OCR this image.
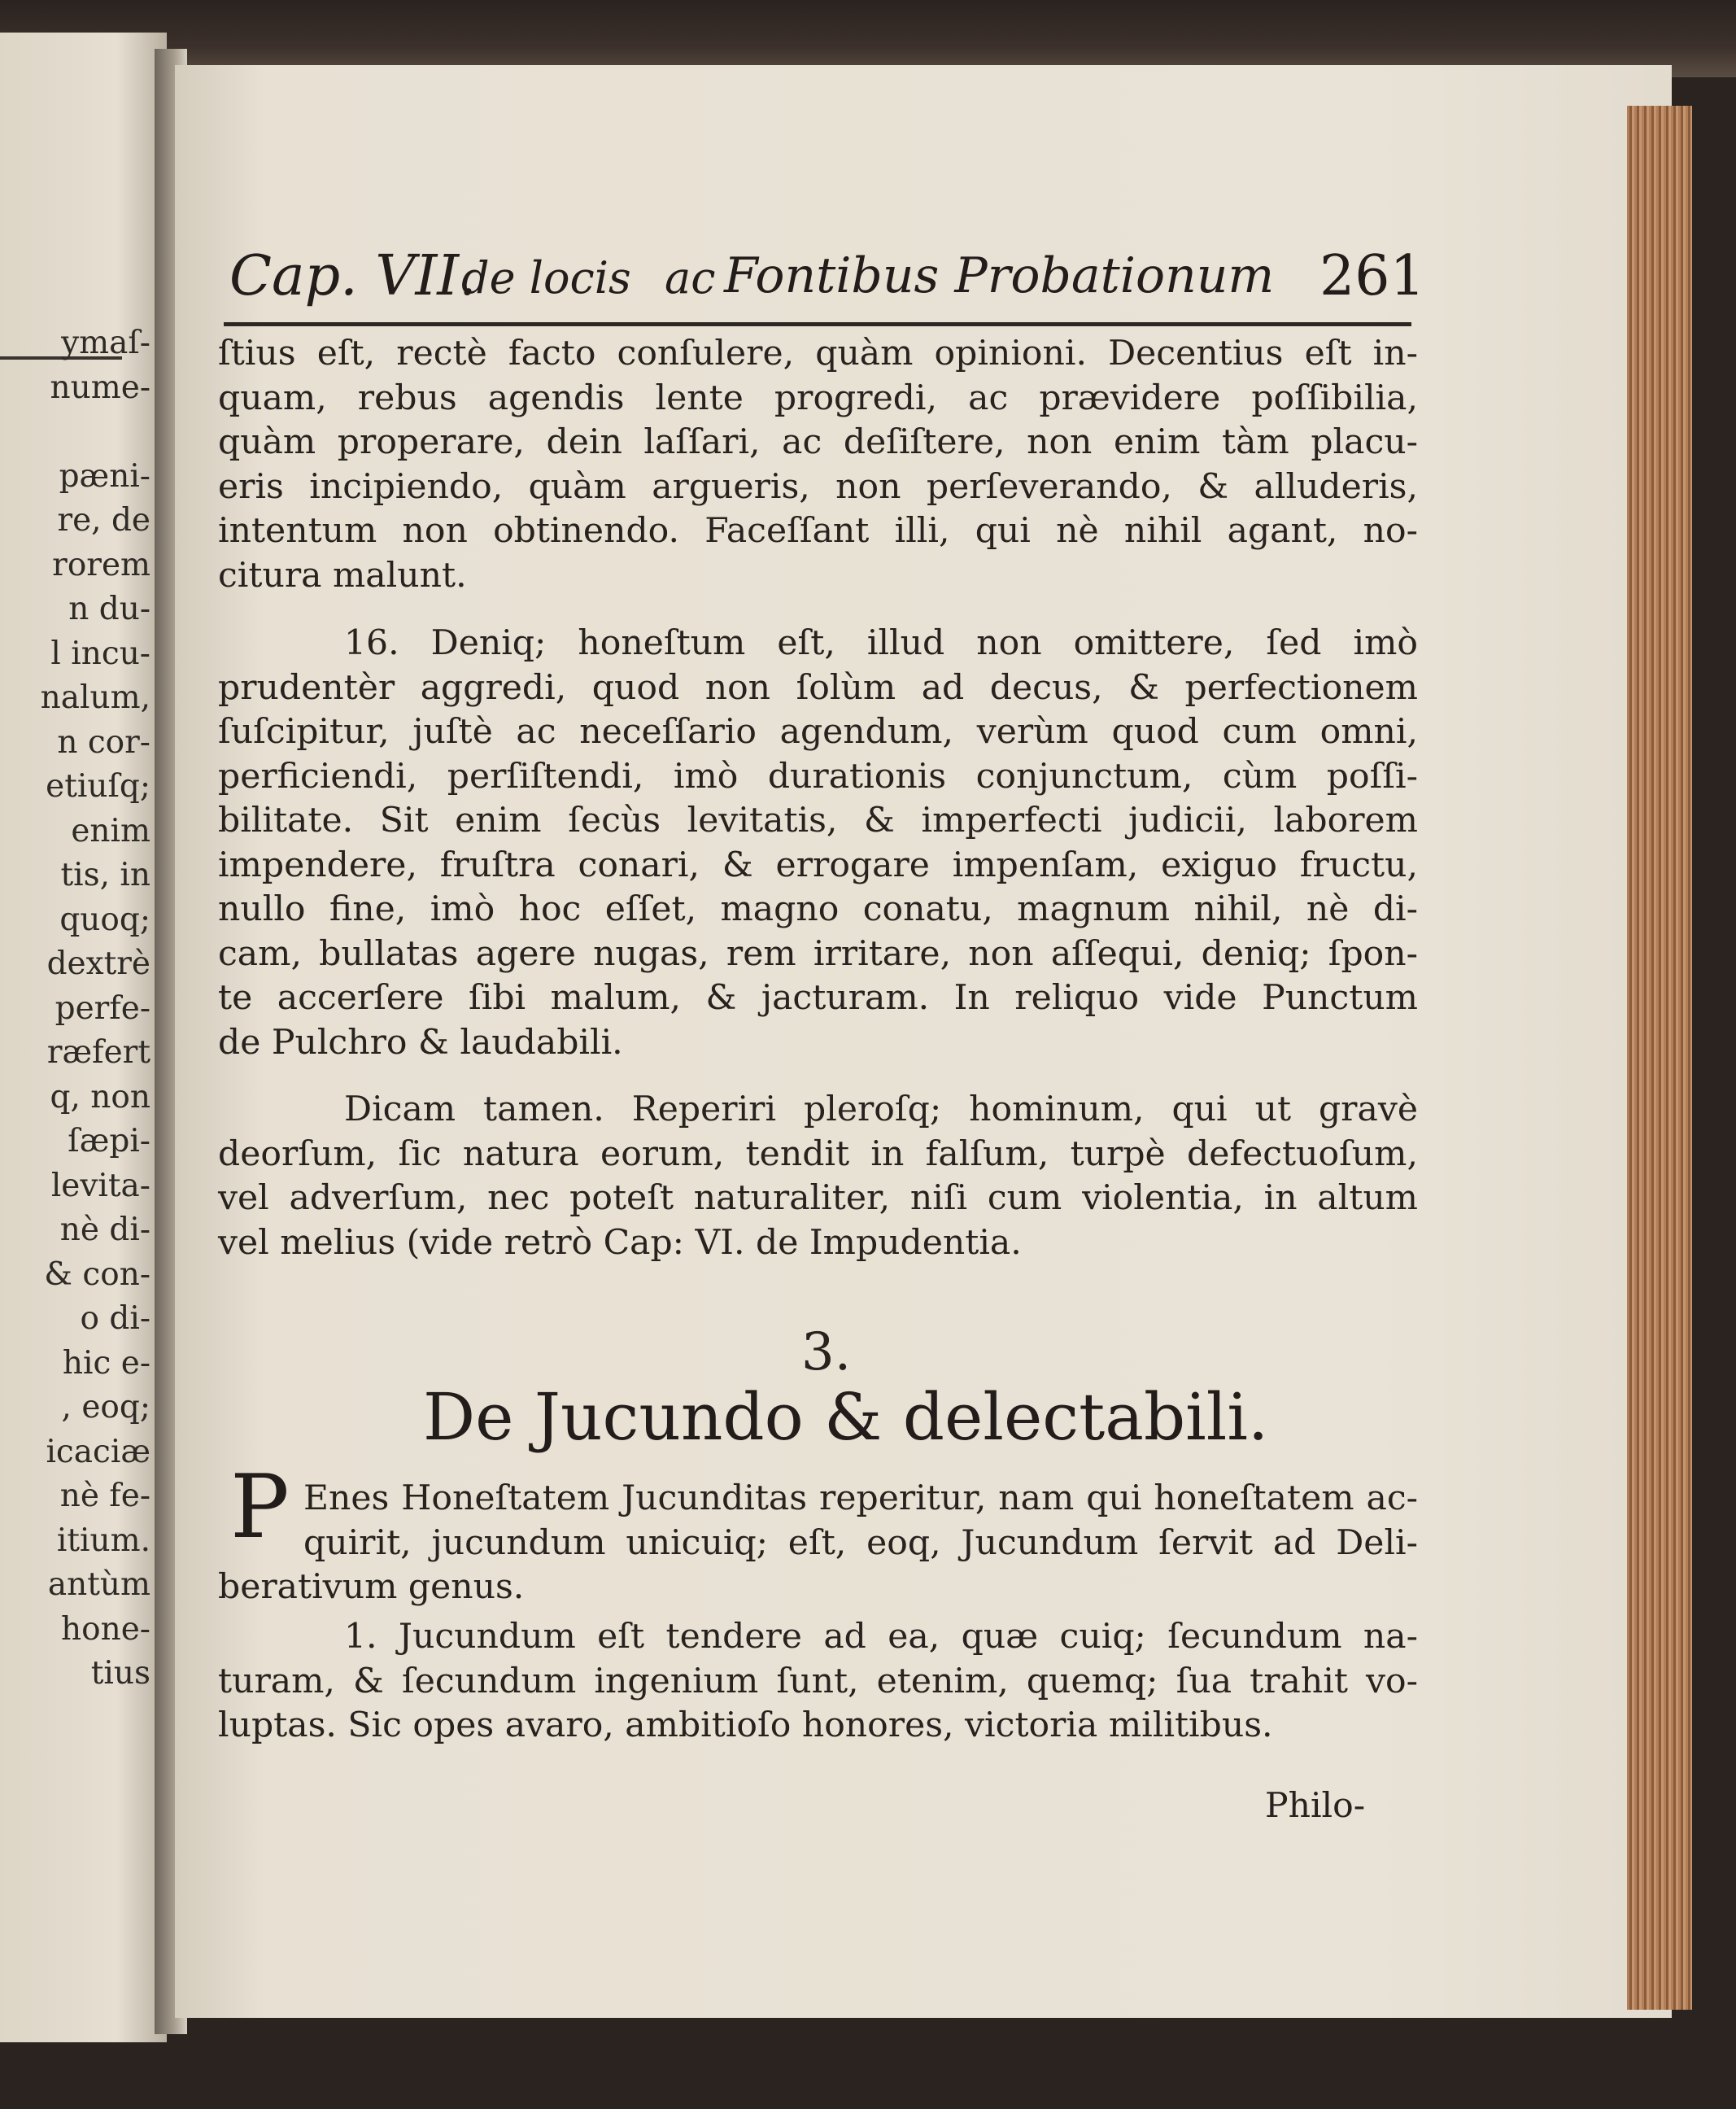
ymaſ-
nume-

pæni-
re, de
rorem
n du-
l incu-
nalum,
n cor-
etiuſq;
enim
tis, in
quoq;
dextrè
perfe-
ræfert
q, non
ſæpi-
levita-
nè di-
& con-
o di-
hic e-
, eoq;
icaciæ
nè fe-
itium.
antùm
hone-
tius
Cap. VII.
de locis ac Fontibus Probationum 261
ſtius eſt, rectè facto conſulere, quàm opinioni. Decentius eſt in-
quam, rebus agendis lente progredi, ac prævidere poſſibilia,
quàm properare, dein laſſari, ac deſiſtere, non enim tàm placu-
eris incipiendo, quàm argueris, non perſeverando, & alluderis,
intentum non obtinendo. Faceſſant illi, qui nè nihil agant, no-
citura malunt.
16. Deniq; honeſtum eſt, illud non omittere, ſed imò
prudentèr aggredi, quod non ſolùm ad decus, & perfectionem
ſuſcipitur, juſtè ac neceſſario agendum, verùm quod cum omni,
perficiendi, perſiſtendi, imò durationis conjunctum, cùm poſſi-
bilitate. Sit enim ſecùs levitatis, & imperfecti judicii, laborem
impendere, fruſtra conari, & errogare impenſam, exiguo fructu,
nullo fine, imò hoc eſſet, magno conatu, magnum nihil, nè di-
cam, bullatas agere nugas, rem irritare, non aſſequi, deniq; ſpon-
te accerſere ſibi malum, & jacturam. In reliquo vide Punctum
de Pulchro & laudabili.
Dicam tamen. Reperiri pleroſq; hominum, qui ut gravè
deorſum, ſic natura eorum, tendit in falſum, turpè defectuoſum,
vel adverſum, nec poteſt naturaliter, niſi cum violentia, in altum
vel melius (vide retrò Cap: VI. de Impudentia.
3.
De Jucundo & delectabili.
P Enes Honeſtatem Jucunditas reperitur, nam qui honeſtatem ac-
quirit, jucundum unicuiq; eſt, eoq, Jucundum ſervit ad Deli-
berativum genus.
1. Jucundum eſt tendere ad ea, quæ cuiq; ſecundum na-
turam, & ſecundum ingenium ſunt, etenim, quemq; ſua trahit vo-
luptas. Sic opes avaro, ambitioſo honores, victoria militibus.
Philo-
